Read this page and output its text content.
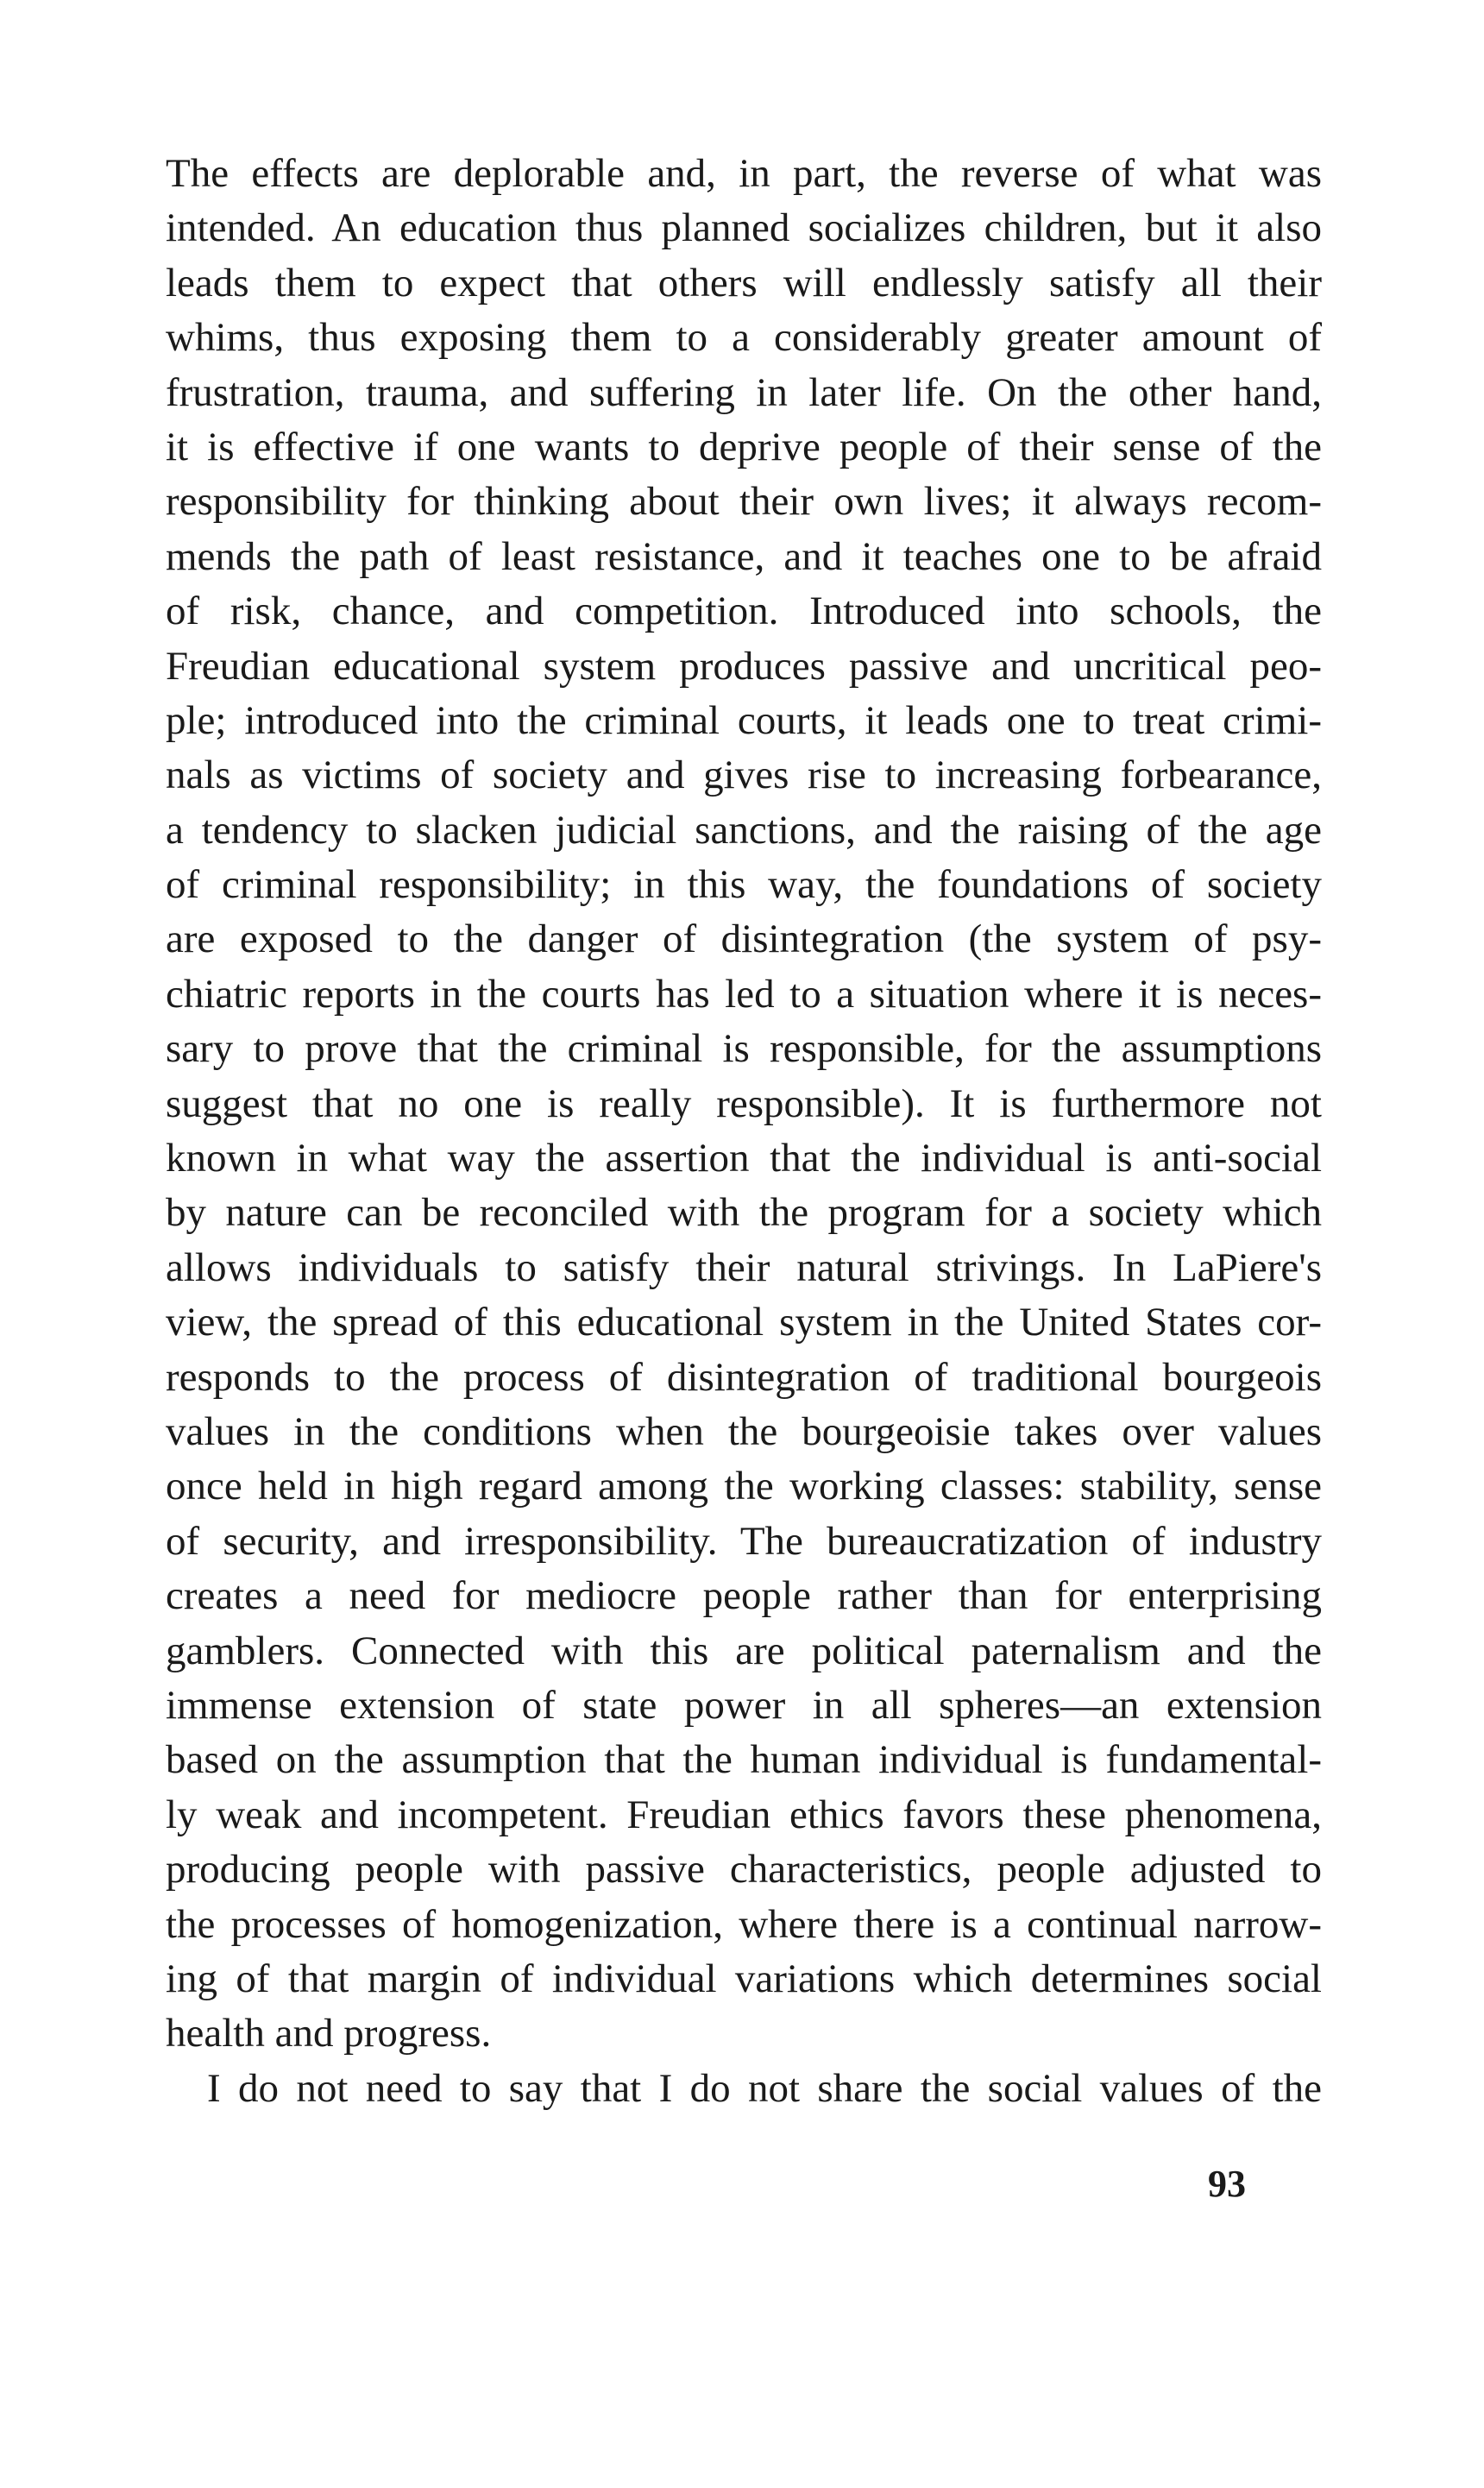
The effects are deplorable and, in part, the reverse of what was
intended. An education thus planned socializes children, but it also
leads them to expect that others will endlessly satisfy all their
whims, thus exposing them to a considerably greater amount of
frustration, trauma, and suffering in later life. On the other hand,
it is effective if one wants to deprive people of their sense of the
responsibility for thinking about their own lives; it always recom-
mends the path of least resistance, and it teaches one to be afraid
of risk, chance, and competition. Introduced into schools, the
Freudian educational system produces passive and uncritical peo-
ple; introduced into the criminal courts, it leads one to treat crimi-
nals as victims of society and gives rise to increasing forbearance,
a tendency to slacken judicial sanctions, and the raising of the age
of criminal responsibility; in this way, the foundations of society
are exposed to the danger of disintegration (the system of psy-
chiatric reports in the courts has led to a situation where it is neces-
sary to prove that the criminal is responsible, for the assumptions
suggest that no one is really responsible). It is furthermore not
known in what way the assertion that the individual is anti-social
by nature can be reconciled with the program for a society which
allows individuals to satisfy their natural strivings. In LaPiere's
view, the spread of this educational system in the United States cor-
responds to the process of disintegration of traditional bourgeois
values in the conditions when the bourgeoisie takes over values
once held in high regard among the working classes: stability, sense
of security, and irresponsibility. The bureaucratization of industry
creates a need for mediocre people rather than for enterprising
gamblers. Connected with this are political paternalism and the
immense extension of state power in all spheres—an extension
based on the assumption that the human individual is fundamental-
ly weak and incompetent. Freudian ethics favors these phenomena,
producing people with passive characteristics, people adjusted to
the processes of homogenization, where there is a continual narrow-
ing of that margin of individual variations which determines social
health and progress.
I do not need to say that I do not share the social values of the
93
